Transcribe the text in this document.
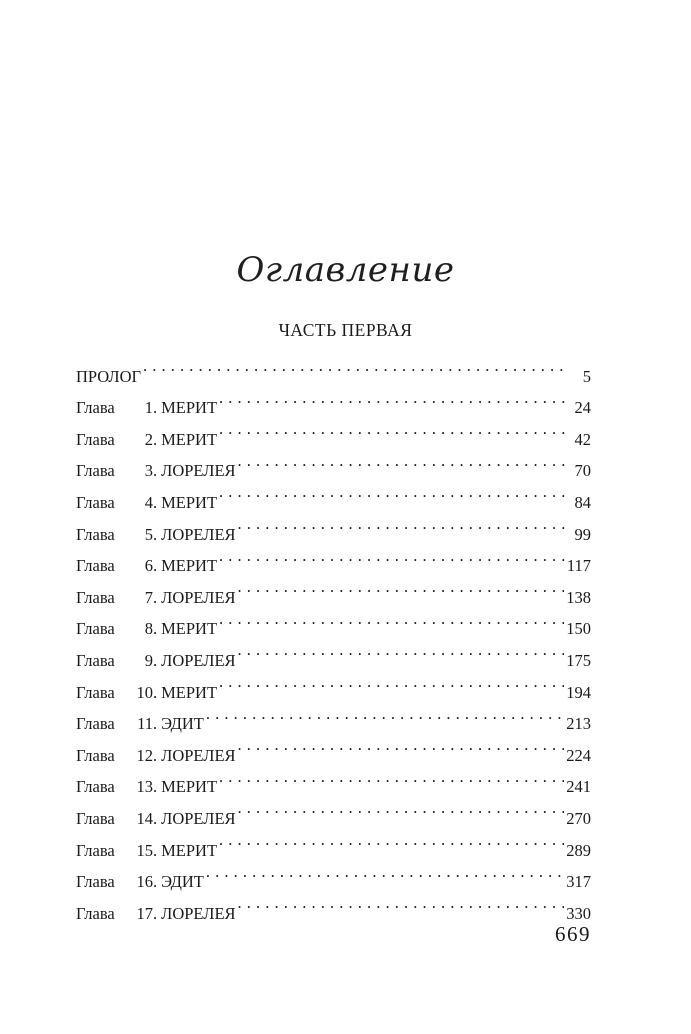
Оглавление
ЧАСТЬ ПЕРВАЯ
ПРОЛОГ . . .	5
Глава	1 . МЕРИТ . . .	24
Глава	2 . МЕРИТ . . .	42
Глава	3 . ЛОРЕЛЕЯ . . .	70
Глава	4 . МЕРИТ . . .	84
Глава	5 . ЛОРЕЛЕЯ . . .	99
Глава	6 . МЕРИТ . . .	117
Глава	7 . ЛОРЕЛЕЯ . . .	138
Глава	8 . МЕРИТ . . .	150
Глава	9 . ЛОРЕЛЕЯ . . .	175
Глава	10 . МЕРИТ . . .	194
Глава	11 . ЭДИТ . . .	213
Глава	12 . ЛОРЕЛЕЯ . . .	224
Глава	13 . МЕРИТ . . .	241
Глава	14 . ЛОРЕЛЕЯ . . .	270
Глава	15 . МЕРИТ . . .	289
Глава	16 . ЭДИТ . . .	317
Глава	17 . ЛОРЕЛЕЯ . . .	330
669
